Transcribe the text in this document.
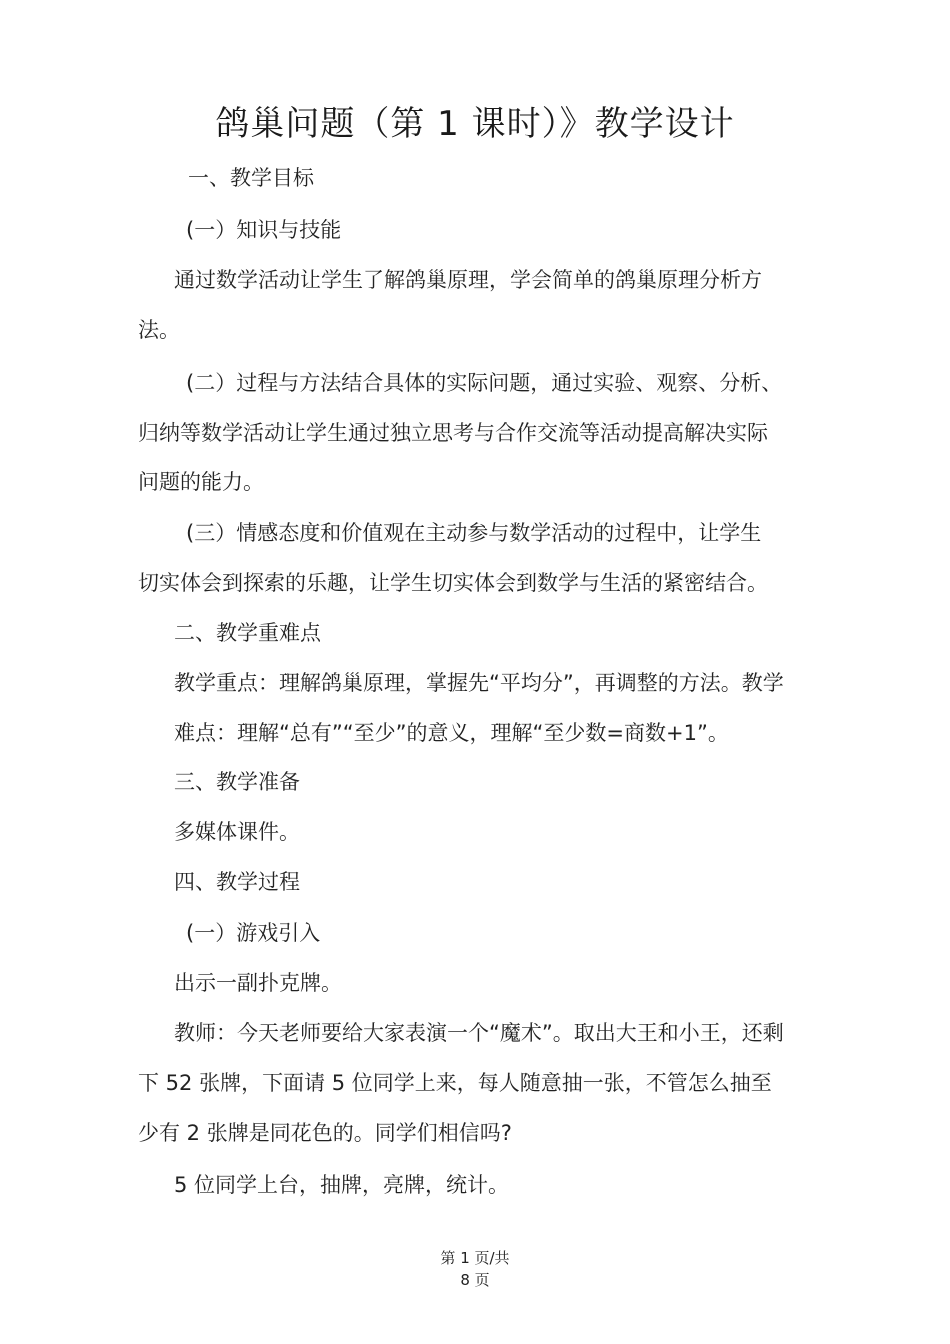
鸽巢问题（第 1 课时）》教学设计
一、教学目标
(一）知识与技能
通过数学活动让学生了解鸽巢原理，学会简单的鸽巢原理分析方
法。
(二）过程与方法结合具体的实际问题，通过实验、观察、分析、
归纳等数学活动让学生通过独立思考与合作交流等活动提高解决实际
问题的能力。
(三）情感态度和价值观在主动参与数学活动的过程中，让学生
切实体会到探索的乐趣，让学生切实体会到数学与生活的紧密结合。
二、教学重难点
教学重点：理解鸽巢原理，掌握先“平均分”，再调整的方法。教学
难点：理解“总有”“至少”的意义，理解“至少数=商数+1”。
三、教学准备
多媒体课件。
四、教学过程
(一）游戏引入
出示一副扑克牌。
教师：今天老师要给大家表演一个“魔术”。取出大王和小王，还剩
下 52 张牌，下面请 5 位同学上来，每人随意抽一张，不管怎么抽至
少有 2 张牌是同花色的。同学们相信吗?
5 位同学上台，抽牌，亮牌，统计。
第 1 页/共
8 页
